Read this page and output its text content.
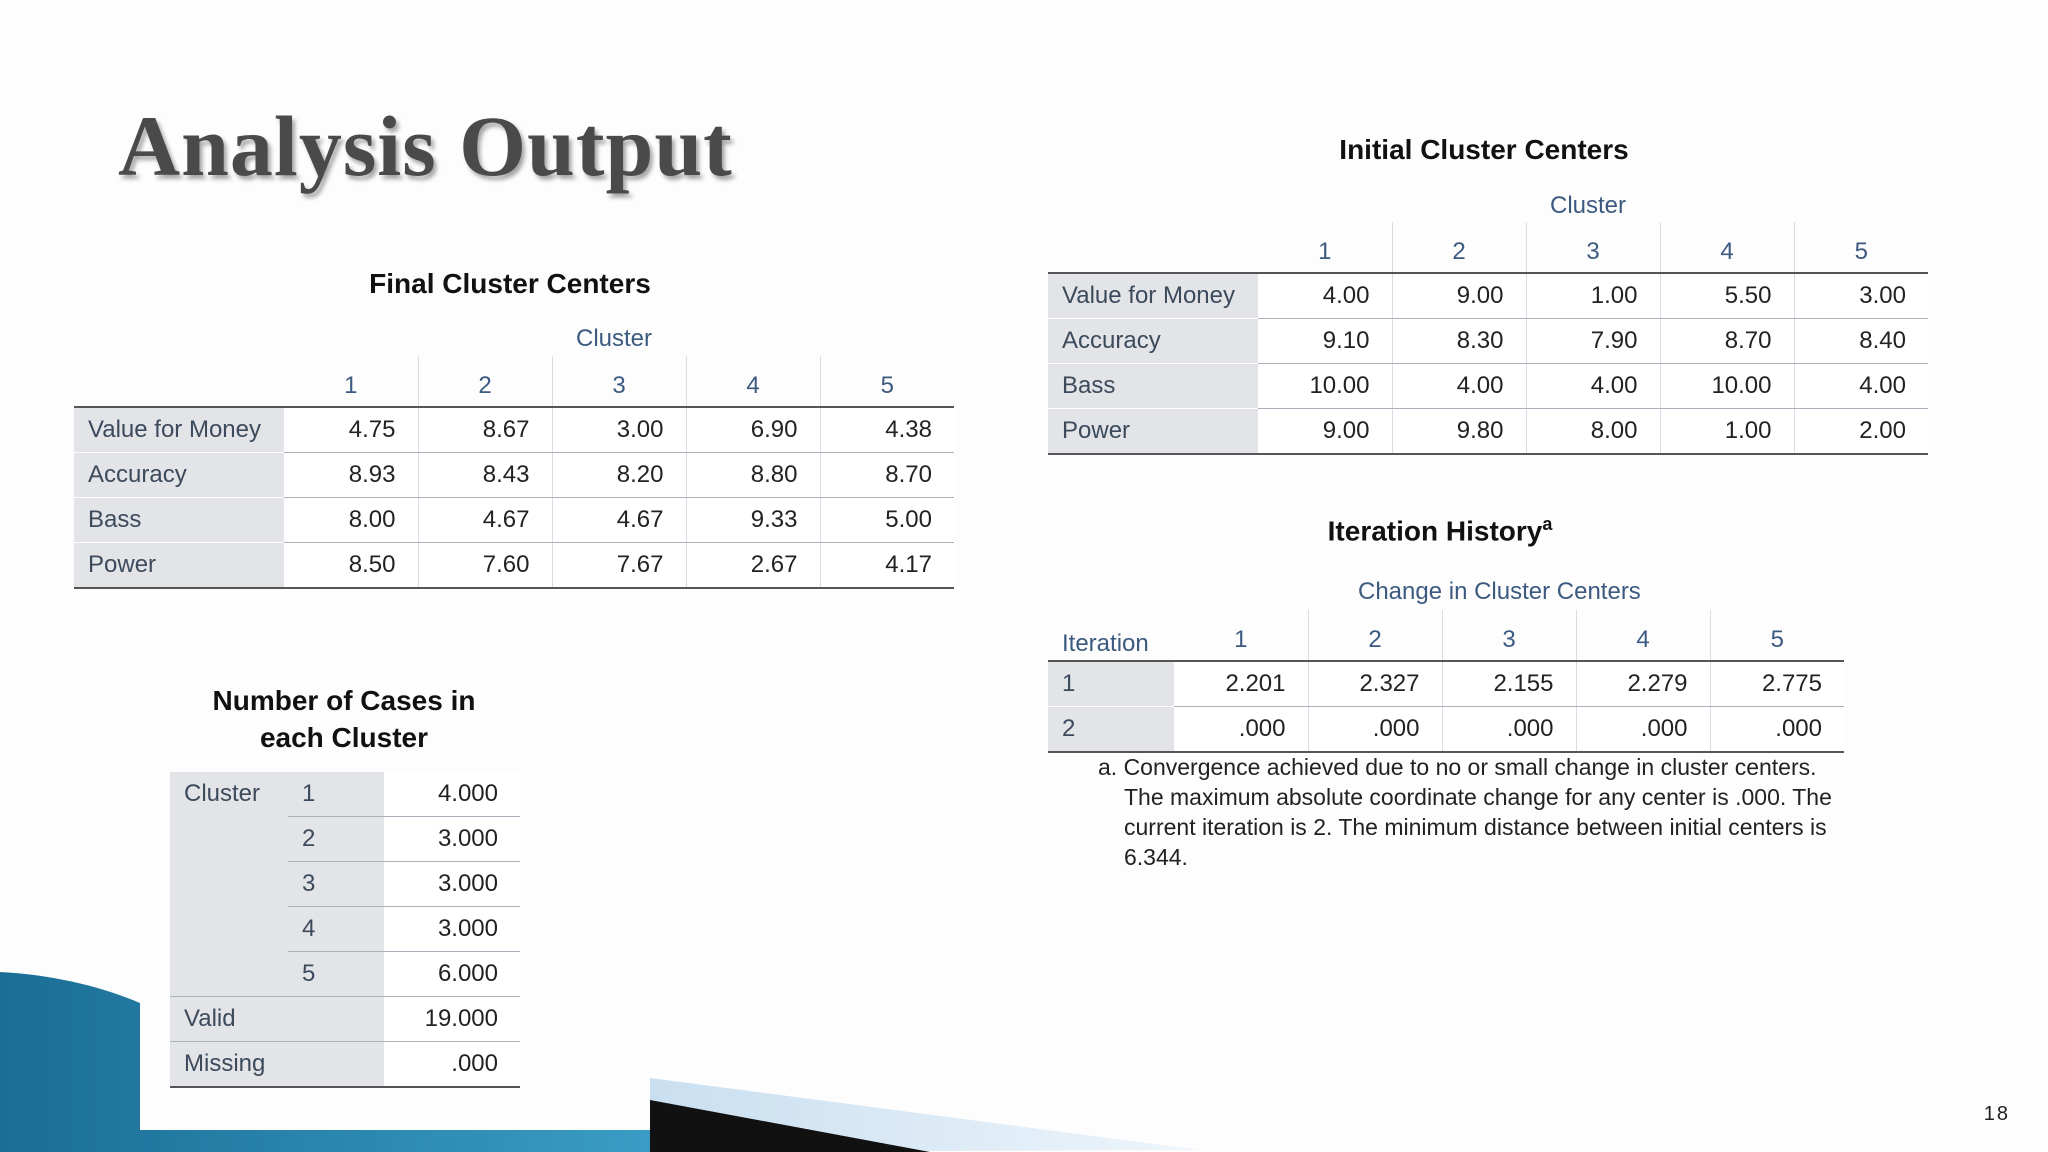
Analysis Output
Final Cluster Centers
Cluster
	1	2	3	4	5
Value for Money	4.75	8.67	3.00	6.90	4.38
Accuracy	8.93	8.43	8.20	8.80	8.70
Bass	8.00	4.67	4.67	9.33	5.00
Power	8.50	7.60	7.67	2.67	4.17
Initial Cluster Centers
Cluster
	1	2	3	4	5
Value for Money	4.00	9.00	1.00	5.50	3.00
Accuracy	9.10	8.30	7.90	8.70	8.40
Bass	10.00	4.00	4.00	10.00	4.00
Power	9.00	9.80	8.00	1.00	2.00
Iteration History$^a$
Change in Cluster Centers
Iteration	1	2	3	4	5
1	2.201	2.327	2.155	2.279	2.775
2	.000	.000	.000	.000	.000
a. Convergence achieved due to no or small change in cluster centers. The maximum absolute coordinate change for any center is .000. The current iteration is 2. The minimum distance between initial centers is 6.344.
Number of Cases in
each Cluster
Cluster	1	4.000
	2	3.000
	3	3.000
	4	3.000
	5	6.000
Valid		19.000
Missing		.000
18
